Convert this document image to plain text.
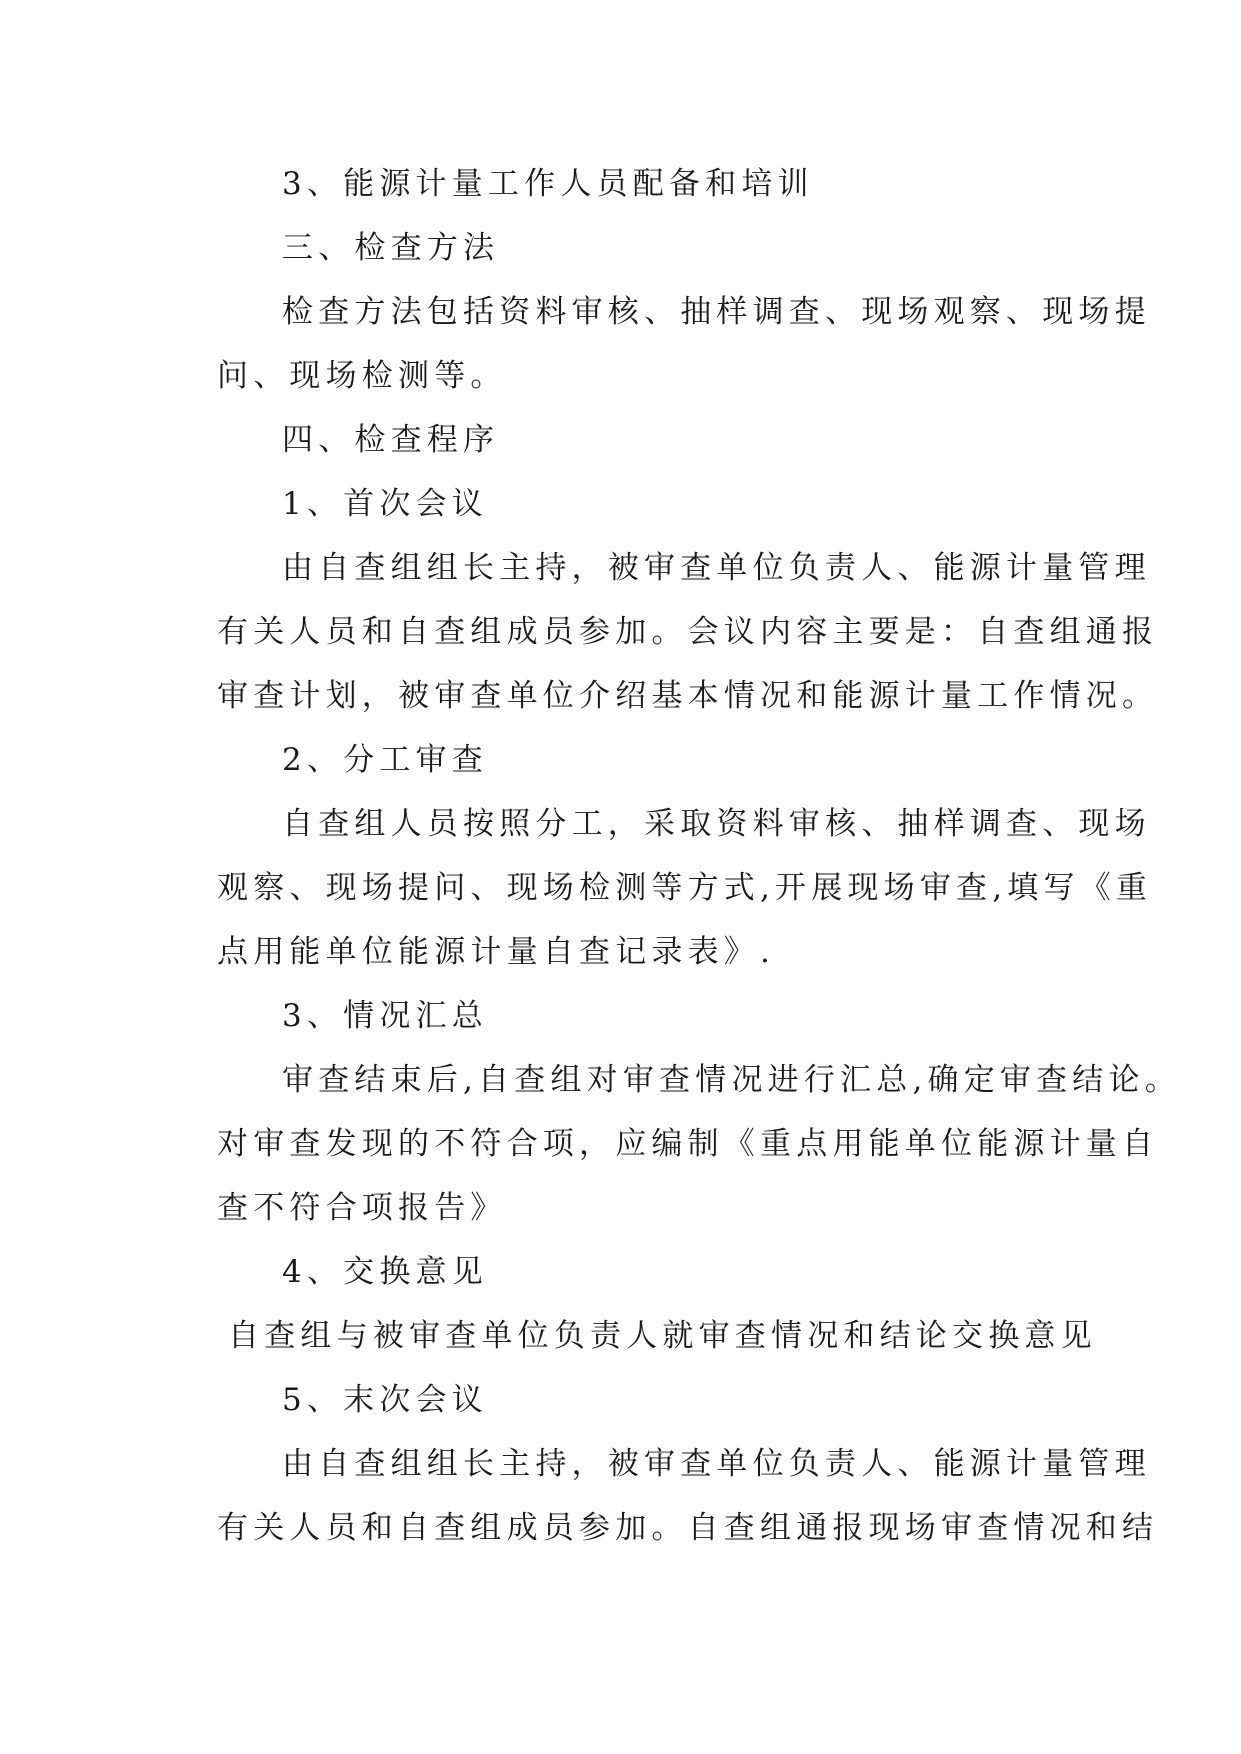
3、能源计量工作人员配备和培训
三、检查方法
检查方法包括资料审核、抽样调查、现场观察、现场提
问、现场检测等。
四、检查程序
1、首次会议
由自查组组长主持，被审查单位负责人、能源计量管理
有关人员和自查组成员参加。会议内容主要是：自查组通报
审查计划，被审查单位介绍基本情况和能源计量工作情况。
2、分工审查
自查组人员按照分工，采取资料审核、抽样调查、现场
观察、现场提问、现场检测等方式,开展现场审查,填写《重
点用能单位能源计量自查记录表》.
3、情况汇总
审查结束后,自查组对审查情况进行汇总,确定审查结论。
对审查发现的不符合项，应编制《重点用能单位能源计量自
查不符合项报告》
4、交换意见
自查组与被审查单位负责人就审查情况和结论交换意见
5、末次会议
由自查组组长主持，被审查单位负责人、能源计量管理
有关人员和自查组成员参加。自查组通报现场审查情况和结
